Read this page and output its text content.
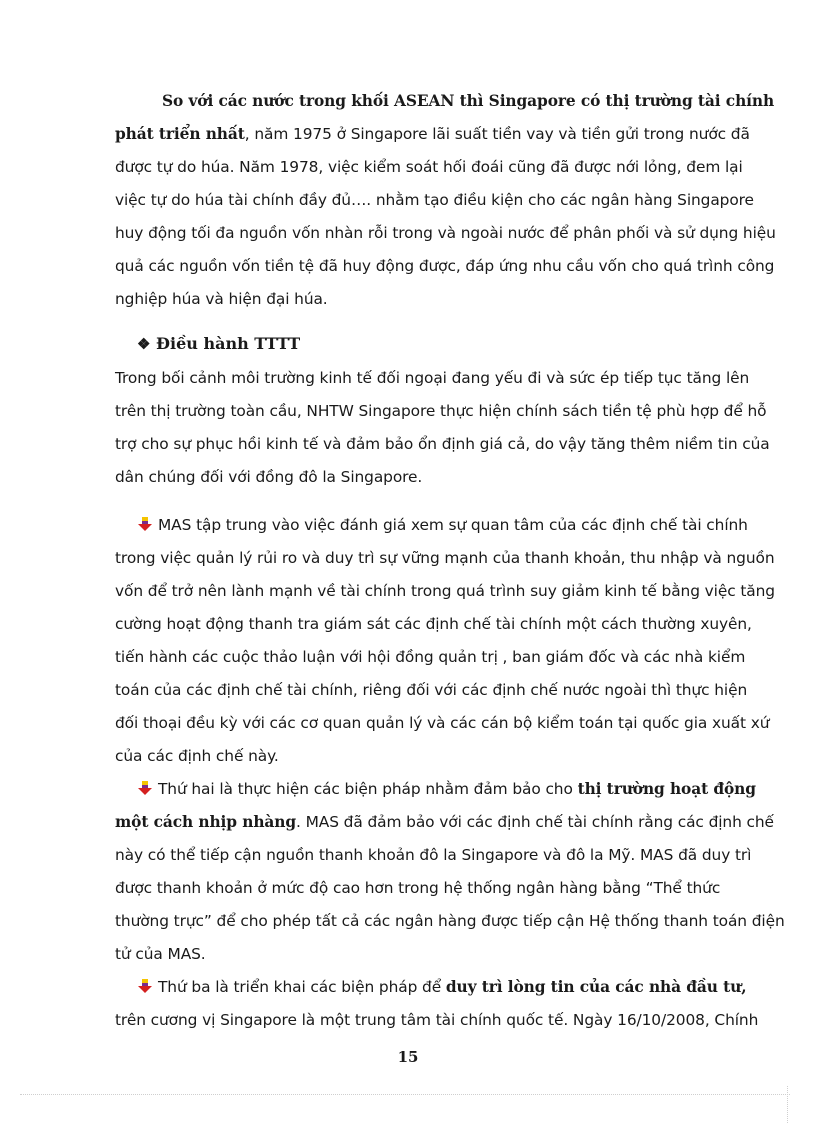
So với các nước trong khối ASEAN thì Singapore có thị trường tài chính
phát triển nhất, năm 1975 ở Singapore lãi suất tiền vay và tiền gửi trong nước đã
được tự do húa. Năm 1978, việc kiểm soát hối đoái cũng đã được nới lỏng, đem lại
việc tự do húa tài chính đầy đủ…. nhằm tạo điều kiện cho các ngân hàng Singapore
huy động tối đa nguồn vốn nhàn rỗi trong và ngoài nước để phân phối và sử dụng hiệu
quả các nguồn vốn tiền tệ đã huy động được, đáp ứng nhu cầu vốn cho quá trình công
nghiệp húa và hiện đại húa.
❖ Điều hành TTTT
Trong bối cảnh môi trường kinh tế đối ngoại đang yếu đi và sức ép tiếp tục tăng lên
trên thị trường toàn cầu, NHTW Singapore thực hiện chính sách tiền tệ phù hợp để hỗ
trợ cho sự phục hồi kinh tế và đảm bảo ổn định giá cả, do vậy tăng thêm niềm tin của
dân chúng đối với đồng đô la Singapore.
MAS tập trung vào việc đánh giá xem sự quan tâm của các định chế tài chính
trong việc quản lý rủi ro và duy trì sự vững mạnh của thanh khoản, thu nhập và nguồn
vốn để trở nên lành mạnh về tài chính trong quá trình suy giảm kinh tế bằng việc tăng
cường hoạt động thanh tra giám sát các định chế tài chính một cách thường xuyên,
tiến hành các cuộc thảo luận với hội đồng quản trị , ban giám đốc và các nhà kiểm
toán của các định chế tài chính, riêng đối với các định chế nước ngoài thì thực hiện
đối thoại đều kỳ với các cơ quan quản lý và các cán bộ kiểm toán tại quốc gia xuất xứ
của các định chế này.
Thứ hai là thực hiện các biện pháp nhằm đảm bảo cho thị trường hoạt động
một cách nhịp nhàng. MAS đã đảm bảo với các định chế tài chính rằng các định chế
này có thể tiếp cận nguồn thanh khoản đô la Singapore và đô la Mỹ. MAS đã duy trì
được thanh khoản ở mức độ cao hơn trong hệ thống ngân hàng bằng “Thể thức
thường trực” để cho phép tất cả các ngân hàng được tiếp cận Hệ thống thanh toán điện
tử của MAS.
Thứ ba là triển khai các biện pháp để duy trì lòng tin của các nhà đầu tư,
trên cương vị Singapore là một trung tâm tài chính quốc tế. Ngày 16/10/2008, Chính
15
